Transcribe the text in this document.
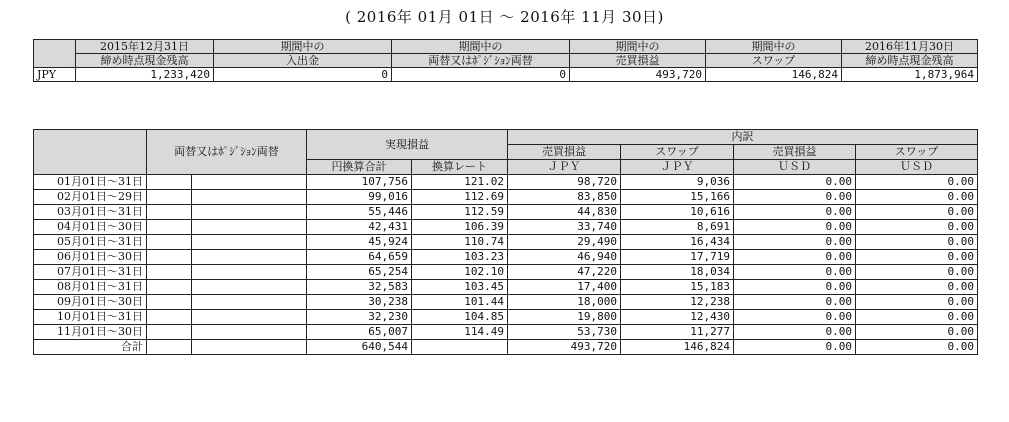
( 2016年 01月 01日 〜 2016年 11月 30日)
	2015年12月31日	期間中の	期間中の	期間中の	期間中の	2016年11月30日
	締め時点現金残高	入出金	両替又はﾎﾟｼﾞｼｮﾝ両替	売買損益	スワップ	締め時点現金残高
JPY	1,233,420	0	0	493,720	146,824	1,873,964
	両替又はﾎﾟｼﾞｼｮﾝ両替		実現損益		内訳			
					売買損益	スワップ	売買損益	スワップ
			円換算合計	換算レート	ＪＰＹ	ＪＰＹ	ＵＳＤ	ＵＳＤ
01月01日〜31日			107,756	121.02	98,720	9,036	0.00	0.00
02月01日〜29日			99,016	112.69	83,850	15,166	0.00	0.00
03月01日〜31日			55,446	112.59	44,830	10,616	0.00	0.00
04月01日〜30日			42,431	106.39	33,740	8,691	0.00	0.00
05月01日〜31日			45,924	110.74	29,490	16,434	0.00	0.00
06月01日〜30日			64,659	103.23	46,940	17,719	0.00	0.00
07月01日〜31日			65,254	102.10	47,220	18,034	0.00	0.00
08月01日〜31日			32,583	103.45	17,400	15,183	0.00	0.00
09月01日〜30日			30,238	101.44	18,000	12,238	0.00	0.00
10月01日〜31日			32,230	104.85	19,800	12,430	0.00	0.00
11月01日〜30日			65,007	114.49	53,730	11,277	0.00	0.00
合計			640,544		493,720	146,824	0.00	0.00
